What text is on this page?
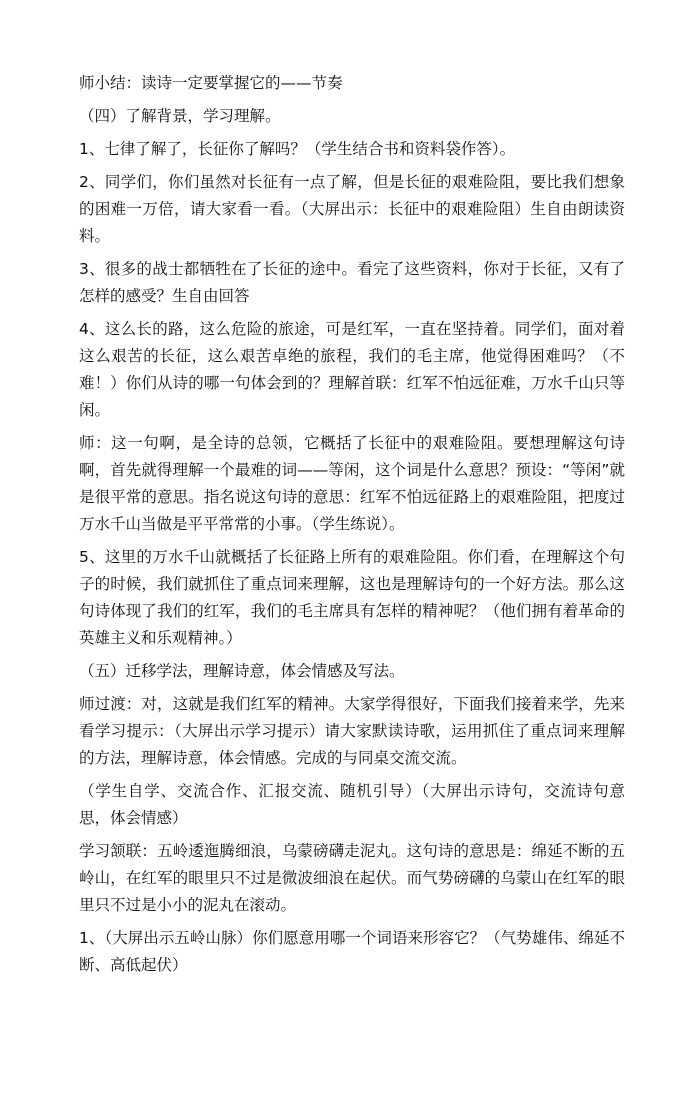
师小结：读诗一定要掌握它的——节奏

（四）了解背景，学习理解。

1、七律了解了，长征你了解吗？（学生结合书和资料袋作答）。

2、同学们，你们虽然对长征有一点了解，但是长征的艰难险阻，要比我们想象的困难一万倍，请大家看一看。（大屏出示：长征中的艰难险阻）生自由朗读资料。

3、很多的战士都牺牲在了长征的途中。看完了这些资料，你对于长征，又有了怎样的感受？生自由回答

4、这么长的路，这么危险的旅途，可是红军，一直在坚持着。同学们，面对着这么艰苦的长征，这么艰苦卓绝的旅程，我们的毛主席，他觉得困难吗？（不难！）你们从诗的哪一句体会到的？理解首联：红军不怕远征难，万水千山只等闲。

师：这一句啊，是全诗的总领，它概括了长征中的艰难险阻。要想理解这句诗啊，首先就得理解一个最难的词——等闲，这个词是什么意思？预设：“等闲”就是很平常的意思。指名说这句诗的意思：红军不怕远征路上的艰难险阻，把度过万水千山当做是平平常常的小事。（学生练说）。

5、这里的万水千山就概括了长征路上所有的艰难险阻。你们看，在理解这个句子的时候，我们就抓住了重点词来理解，这也是理解诗句的一个好方法。那么这句诗体现了我们的红军，我们的毛主席具有怎样的精神呢？（他们拥有着革命的英雄主义和乐观精神。）

（五）迁移学法，理解诗意，体会情感及写法。

师过渡：对，这就是我们红军的精神。大家学得很好，下面我们接着来学，先来看学习提示：（大屏出示学习提示）请大家默读诗歌，运用抓住了重点词来理解的方法，理解诗意，体会情感。完成的与同桌交流交流。

（学生自学、交流合作、汇报交流、随机引导）（大屏出示诗句，交流诗句意思，体会情感）

学习颔联：五岭逶迤腾细浪，乌蒙磅礴走泥丸。这句诗的意思是：绵延不断的五岭山，在红军的眼里只不过是微波细浪在起伏。而气势磅礴的乌蒙山在红军的眼里只不过是小小的泥丸在滚动。

1、（大屏出示五岭山脉）你们愿意用哪一个词语来形容它？（气势雄伟、绵延不断、高低起伏）
